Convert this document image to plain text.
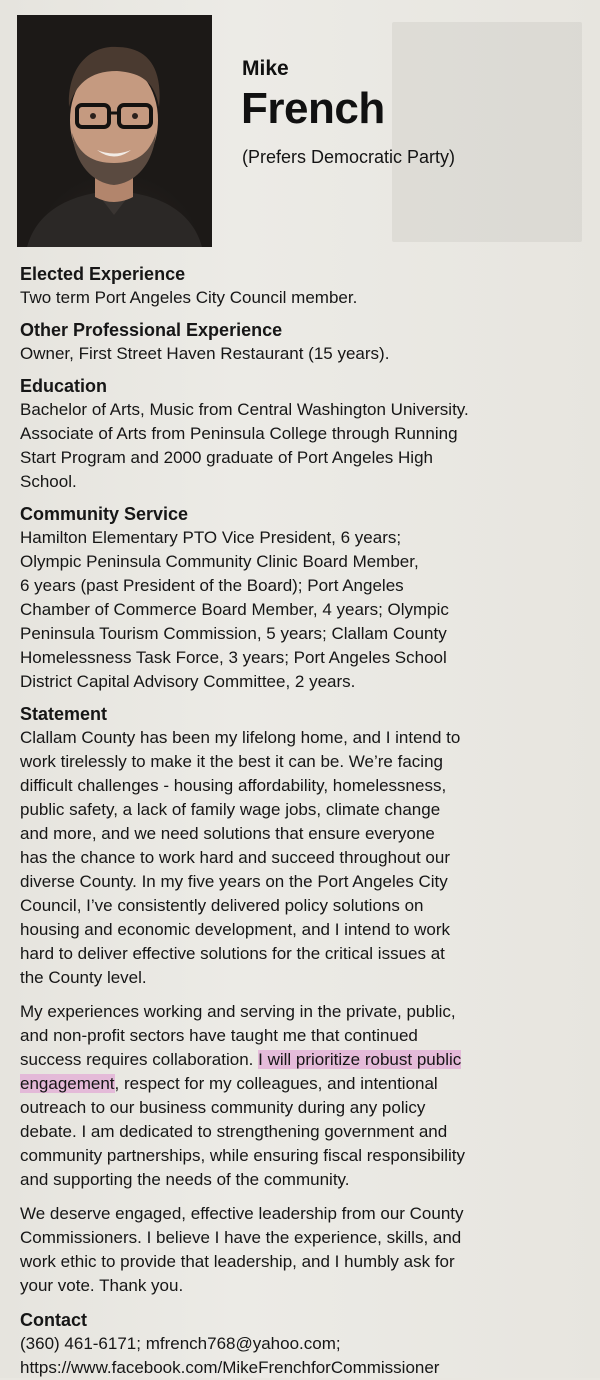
Mike
French
(Prefers Democratic Party)

Elected Experience

Two term Port Angeles City Council member.

Other Professional Experience

Owner, First Street Haven Restaurant (15 years).

Education

Bachelor of Arts, Music from Central Washington University.
Associate of Arts from Peninsula College through Running
Start Program and 2000 graduate of Port Angeles High
School.

Community Service

Hamilton Elementary PTO Vice President, 6 years;
Olympic Peninsula Community Clinic Board Member,
6 years (past President of the Board); Port Angeles
Chamber of Commerce Board Member, 4 years; Olympic
Peninsula Tourism Commission, 5 years; Clallam County
Homelessness Task Force, 3 years; Port Angeles School
District Capital Advisory Committee, 2 years.

Statement

Clallam County has been my lifelong home, and I intend to
work tirelessly to make it the best it can be. We’re facing
difficult challenges - housing affordability, homelessness,
public safety, a lack of family wage jobs, climate change
and more, and we need solutions that ensure everyone
has the chance to work hard and succeed throughout our
diverse County. In my five years on the Port Angeles City
Council, I’ve consistently delivered policy solutions on
housing and economic development, and I intend to work
hard to deliver effective solutions for the critical issues at
the County level.
My experiences working and serving in the private, public,
and non-profit sectors have taught me that continued
success requires collaboration. I will prioritize robust public
engagement, respect for my colleagues, and intentional
outreach to our business community during any policy
debate. I am dedicated to strengthening government and
community partnerships, while ensuring fiscal responsibility
and supporting the needs of the community.
We deserve engaged, effective leadership from our County
Commissioners. I believe I have the experience, skills, and
work ethic to provide that leadership, and I humbly ask for
your vote. Thank you.

Contact

(360) 461-6171; mfrench768@yahoo.com;
https://www.facebook.com/MikeFrenchforCommissioner
